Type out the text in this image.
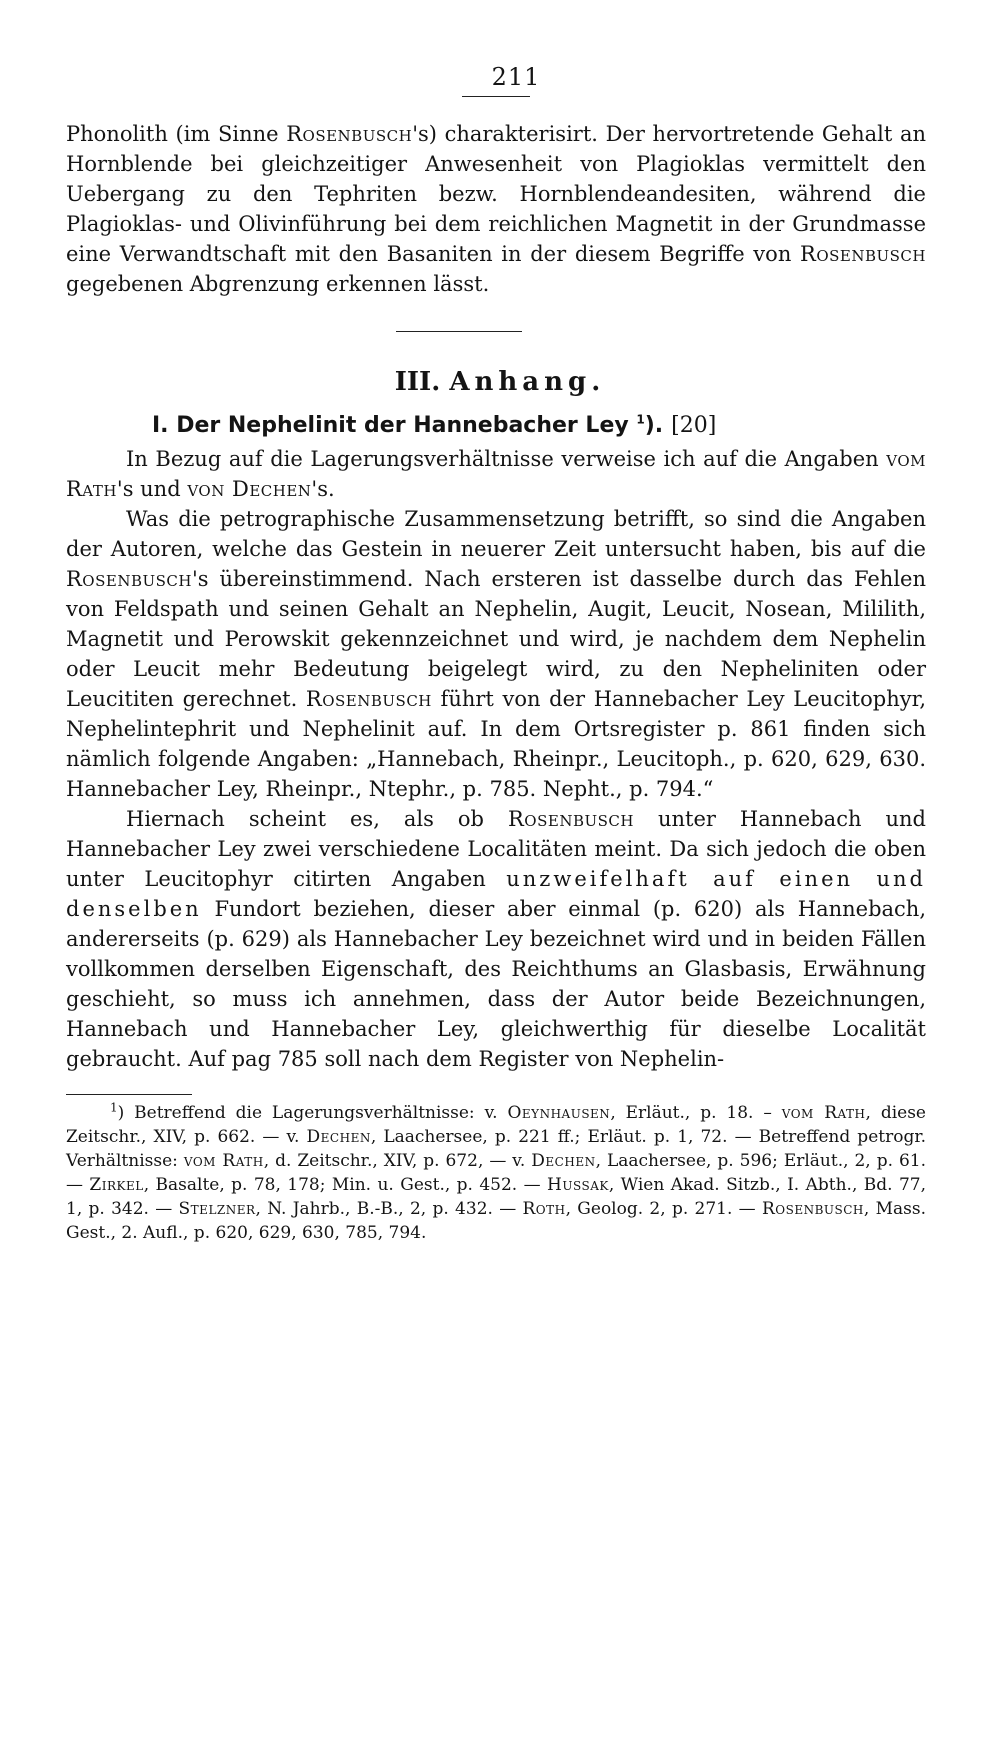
211

Phonolith (im Sinne Rosenbusch's) charakterisirt. Der hervortretende Gehalt an Hornblende bei gleichzeitiger Anwesenheit von Plagioklas vermittelt den Uebergang zu den Tephriten bezw. Hornblendeandesiten, während die Plagioklas- und Olivinführung bei dem reichlichen Magnetit in der Grundmasse eine Verwandtschaft mit den Basaniten in der diesem Begriffe von Rosenbusch gegebenen Abgrenzung erkennen lässt.

III. Anhang.
I. Der Nephelinit der Hannebacher Ley $^1$). [20]

In Bezug auf die Lagerungsverhältnisse verweise ich auf die Angaben vom Rath's und von Dechen's.

Was die petrographische Zusammensetzung betrifft, so sind die Angaben der Autoren, welche das Gestein in neuerer Zeit untersucht haben, bis auf die Rosenbusch's übereinstimmend. Nach ersteren ist dasselbe durch das Fehlen von Feldspath und seinen Gehalt an Nephelin, Augit, Leucit, Nosean, Mililith, Magnetit und Perowskit gekennzeichnet und wird, je nachdem dem Nephelin oder Leucit mehr Bedeutung beigelegt wird, zu den Nepheliniten oder Leucititen gerechnet. Rosenbusch führt von der Hannebacher Ley Leucitophyr, Nephelintephrit und Nephelinit auf. In dem Ortsregister p. 861 finden sich nämlich folgende Angaben: „Hannebach, Rheinpr., Leucitoph., p. 620, 629, 630. Hannebacher Ley, Rheinpr., Ntephr., p. 785. Nepht., p. 794.“

Hiernach scheint es, als ob Rosenbusch unter Hannebach und Hannebacher Ley zwei verschiedene Localitäten meint. Da sich jedoch die oben unter Leucitophyr citirten Angaben unzweifelhaft auf einen und denselben Fundort beziehen, dieser aber einmal (p. 620) als Hannebach, andererseits (p. 629) als Hannebacher Ley bezeichnet wird und in beiden Fällen vollkommen derselben Eigenschaft, des Reichthums an Glasbasis, Erwähnung geschieht, so muss ich annehmen, dass der Autor beide Bezeichnungen, Hannebach und Hannebacher Ley, gleichwerthig für dieselbe Localität gebraucht. Auf pag 785 soll nach dem Register von Nephelin-

$^1$) Betreffend die Lagerungsverhältnisse: v. Oeynhausen, Erläut., p. 18. – vom Rath, diese Zeitschr., XIV, p. 662. — v. Dechen, Laachersee, p. 221 ff.; Erläut. p. 1, 72. — Betreffend petrogr. Verhältnisse: vom Rath, d. Zeitschr., XIV, p. 672, — v. Dechen, Laachersee, p. 596; Erläut., 2, p. 61. — Zirkel, Basalte, p. 78, 178; Min. u. Gest., p. 452. — Hussak, Wien Akad. Sitzb., I. Abth., Bd. 77, 1, p. 342. — Stelzner, N. Jahrb., B.-B., 2, p. 432. — Roth, Geolog. 2, p. 271. — Rosenbusch, Mass. Gest., 2. Aufl., p. 620, 629, 630, 785, 794.
